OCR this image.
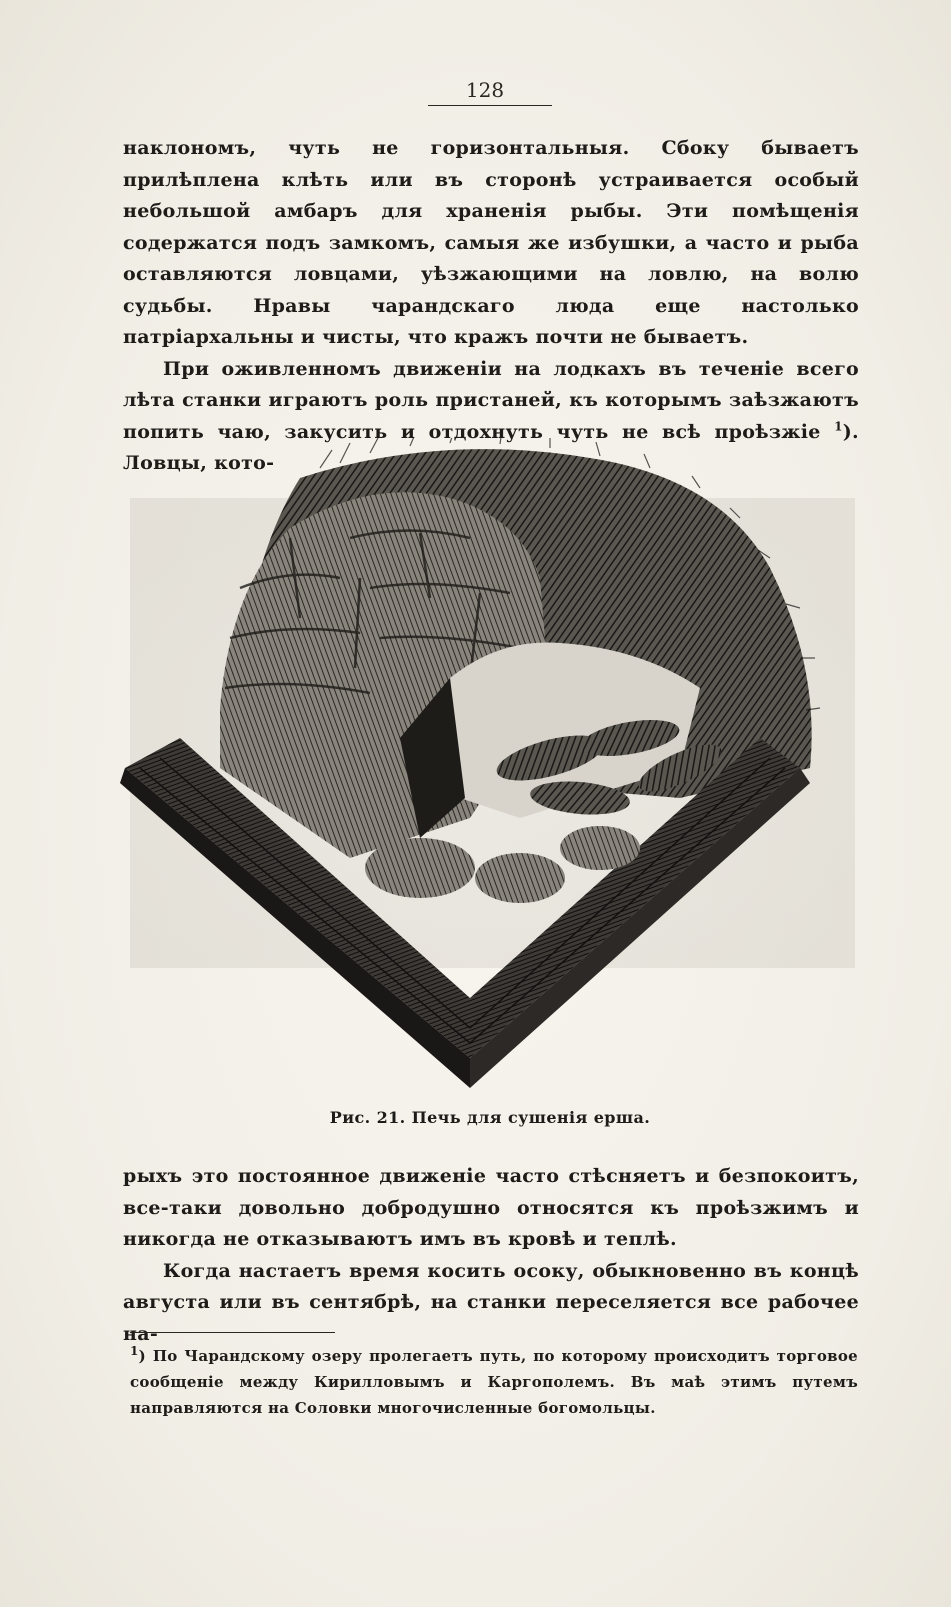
128

наклономъ, чуть не горизонтальныя. Сбоку бываетъ прилѣплена клѣть или въ сторонѣ устраивается особый небольшой амбаръ для храненія рыбы. Эти помѣщенія содержатся подъ замкомъ, самыя же избушки, а часто и рыба оставляются ловцами, уѣзжающими на ловлю, на волю судьбы. Нравы чарандскаго люда еще настолько патріархальны и чисты, что кражъ почти не бываетъ.

При оживленномъ движеніи на лодкахъ въ теченіе всего лѣта станки играютъ роль пристаней, къ которымъ заѣзжаютъ попить чаю, закусить и отдохнуть чуть не всѣ проѣзжіе $^1$). Ловцы, кото-

Рис. 21. Печь для сушенія ерша.

рыхъ это постоянное движеніе часто стѣсняетъ и безпокоитъ, все-таки довольно добродушно относятся къ проѣзжимъ и никогда не отказываютъ имъ въ кровѣ и теплѣ.

Когда настаетъ время косить осоку, обыкновенно въ концѣ августа или въ сентябрѣ, на станки переселяется все рабочее на-

$^1$) По Чарандскому озеру пролегаетъ путь, по которому происходитъ торговое сообщеніе между Кирилловымъ и Каргополемъ. Въ маѣ этимъ путемъ направляются на Соловки многочисленные богомольцы.
